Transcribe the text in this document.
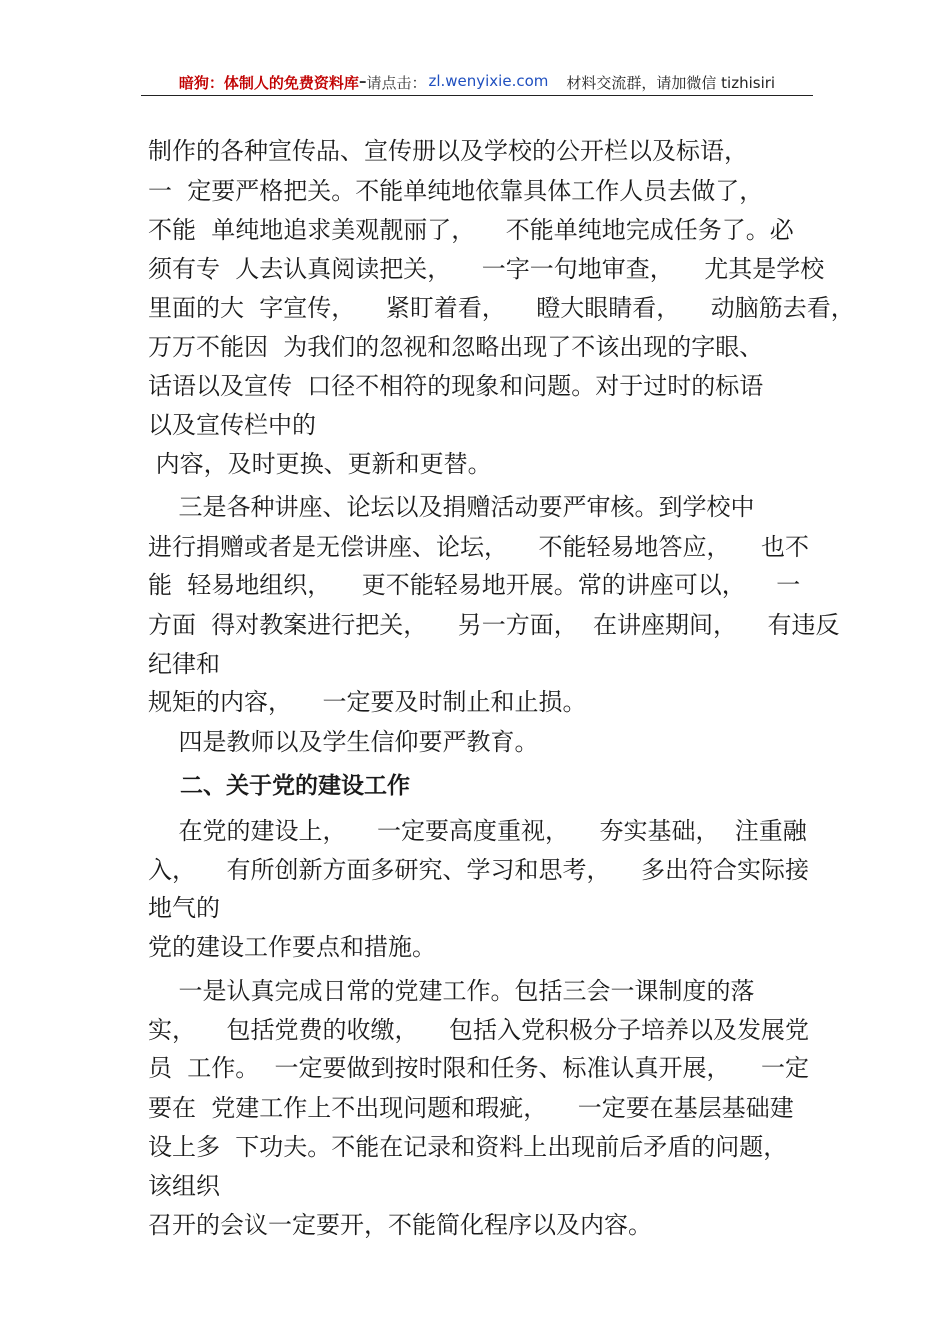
暗狗：体制人的免费资料库 – 请点击： zl.wenyixie.com 材料交流群，请加微信 tizhisiri
制作的各种宣传品、宣传册以及学校的公开栏以及标语，
一  定要严格把关。不能单纯地依靠具体工作人员去做了，
不能  单纯地追求美观靓丽了，    不能单纯地完成任务了。必
须有专  人去认真阅读把关，    一字一句地审查，    尤其是学校
里面的大  字宣传，    紧盯着看，    瞪大眼睛看，    动脑筋去看，
万万不能因  为我们的忽视和忽略出现了不该出现的字眼、
话语以及宣传  口径不相符的现象和问题。对于过时的标语
以及宣传栏中的
内容，及时更换、更新和更替。
三是各种讲座、论坛以及捐赠活动要严审核。到学校中
进行捐赠或者是无偿讲座、论坛，    不能轻易地答应，    也不
能  轻易地组织，    更不能轻易地开展。常的讲座可以，    一
方面  得对教案进行把关，    另一方面，  在讲座期间，    有违反
纪律和
规矩的内容，    一定要及时制止和止损。
四是教师以及学生信仰要严教育。
二、关于党的建设工作
在党的建设上，    一定要高度重视，    夯实基础，  注重融
入，    有所创新方面多研究、学习和思考，    多出符合实际接
地气的
党的建设工作要点和措施。
一是认真完成日常的党建工作。包括三会一课制度的落
实，    包括党费的收缴，    包括入党积极分子培养以及发展党
员  工作。  一定要做到按时限和任务、标准认真开展，    一定
要在  党建工作上不出现问题和瑕疵，    一定要在基层基础建
设上多  下功夫。不能在记录和资料上出现前后矛盾的问题，
该组织
召开的会议一定要开，不能简化程序以及内容。
